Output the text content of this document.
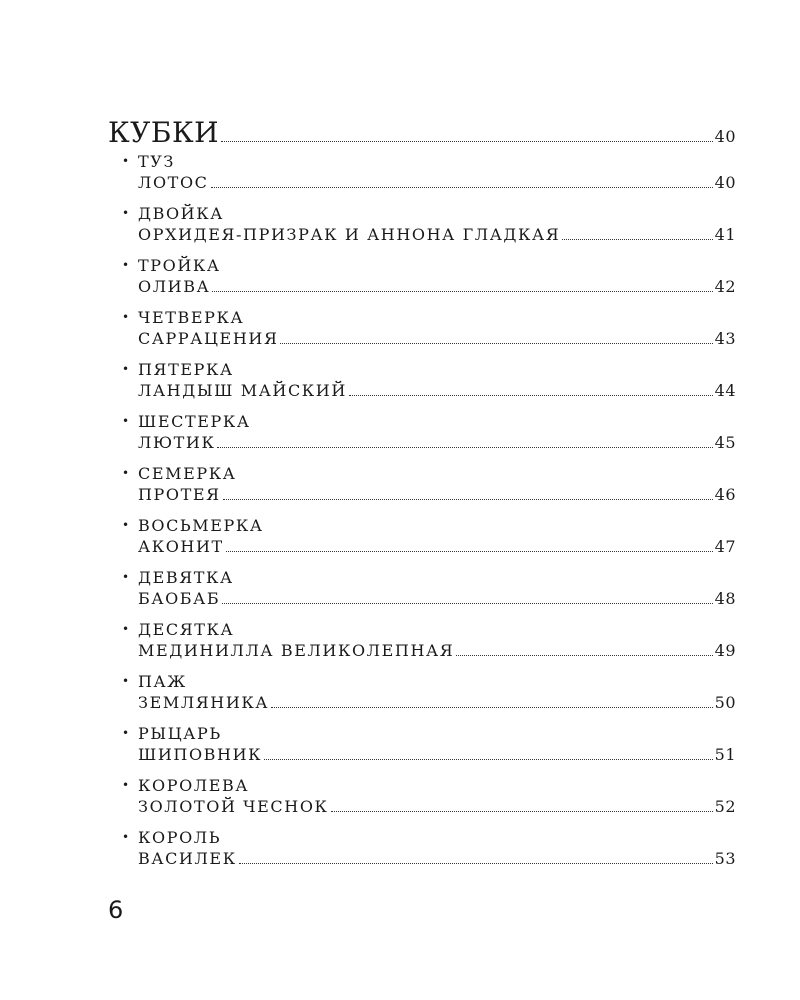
КУБКИ	40
• ТУЗ
ЛОТОС	40
• ДВОЙКА
ОРХИДЕЯ-ПРИЗРАК И АННОНА ГЛАДКАЯ	41
• ТРОЙКА
ОЛИВА	42
• ЧЕТВЕРКА
САРРАЦЕНИЯ	43
• ПЯТЕРКА
ЛАНДЫШ МАЙСКИЙ	44
• ШЕСТЕРКА
ЛЮТИК	45
• СЕМЕРКА
ПРОТЕЯ	46
• ВОСЬМЕРКА
АКОНИТ	47
• ДЕВЯТКА
БАОБАБ	48
• ДЕСЯТКА
МЕДИНИЛЛА ВЕЛИКОЛЕПНАЯ	49
• ПАЖ
ЗЕМЛЯНИКА	50
• РЫЦАРЬ
ШИПОВНИК	51
• КОРОЛЕВА
ЗОЛОТОЙ ЧЕСНОК	52
• КОРОЛЬ
ВАСИЛЕК	53
6
